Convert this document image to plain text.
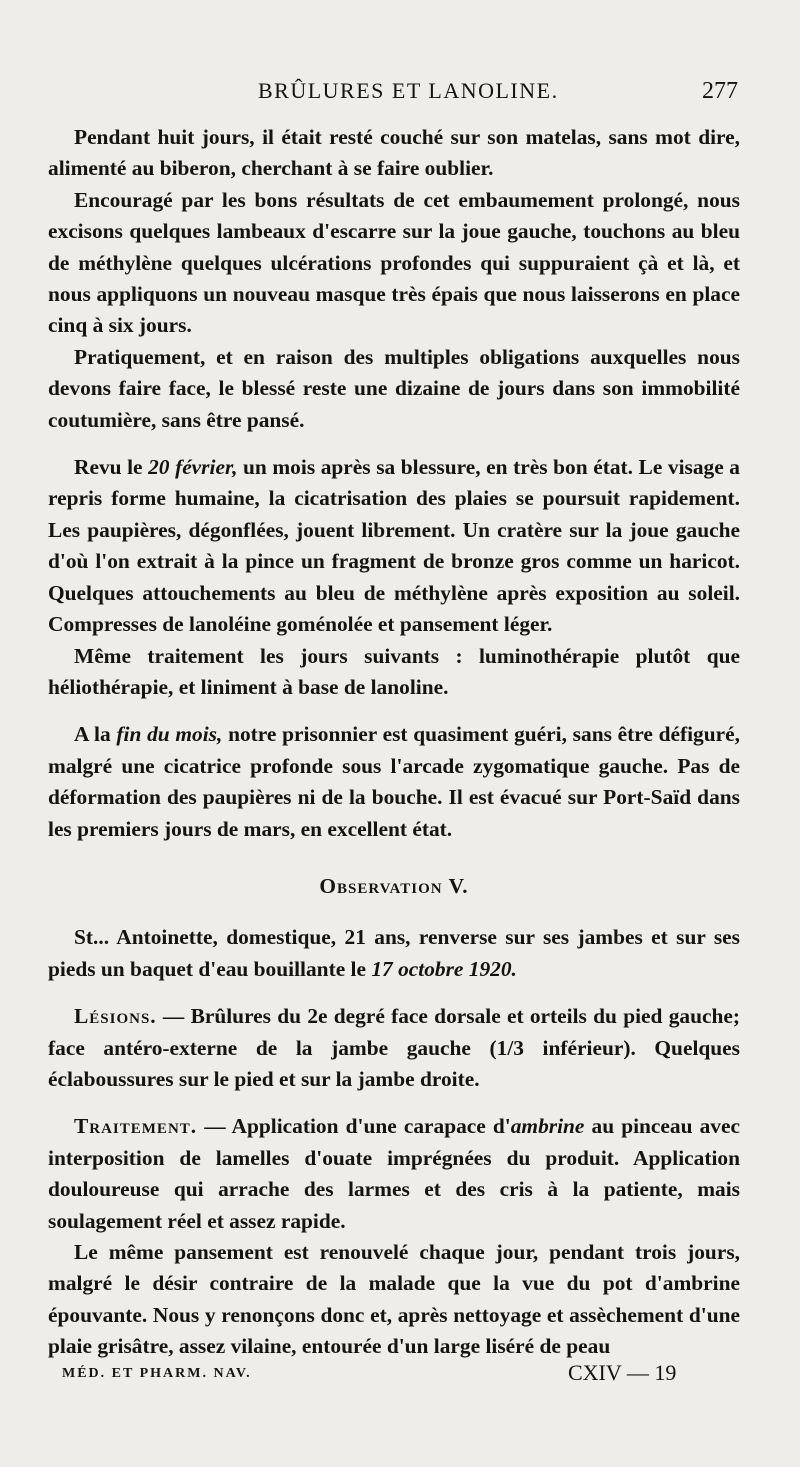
BRÛLURES ET LANOLINE.	277

Pendant huit jours, il était resté couché sur son matelas, sans mot dire, alimenté au biberon, cherchant à se faire oublier.

Encouragé par les bons résultats de cet embaumement prolongé, nous excisons quelques lambeaux d'escarre sur la joue gauche, touchons au bleu de méthylène quelques ulcérations profondes qui suppuraient çà et là, et nous appliquons un nouveau masque très épais que nous laisserons en place cinq à six jours.

Pratiquement, et en raison des multiples obligations auxquelles nous devons faire face, le blessé reste une dizaine de jours dans son immobilité coutumière, sans être pansé.

Revu le 20 février, un mois après sa blessure, en très bon état. Le visage a repris forme humaine, la cicatrisation des plaies se poursuit rapidement. Les paupières, dégonflées, jouent librement. Un cratère sur la joue gauche d'où l'on extrait à la pince un fragment de bronze gros comme un haricot. Quelques attouchements au bleu de méthylène après exposition au soleil. Compresses de lanoléine goménolée et pansement léger.

Même traitement les jours suivants : luminothérapie plutôt que héliothérapie, et liniment à base de lanoline.

A la fin du mois, notre prisonnier est quasiment guéri, sans être défiguré, malgré une cicatrice profonde sous l'arcade zygomatique gauche. Pas de déformation des paupières ni de la bouche. Il est évacué sur Port-Saïd dans les premiers jours de mars, en excellent état.

Observation V.

St... Antoinette, domestique, 21 ans, renverse sur ses jambes et sur ses pieds un baquet d'eau bouillante le 17 octobre 1920.

Lésions. — Brûlures du 2e degré face dorsale et orteils du pied gauche; face antéro-externe de la jambe gauche (1/3 inférieur). Quelques éclaboussures sur le pied et sur la jambe droite.

Traitement. — Application d'une carapace d'ambrine au pinceau avec interposition de lamelles d'ouate imprégnées du produit. Application douloureuse qui arrache des larmes et des cris à la patiente, mais soulagement réel et assez rapide.

Le même pansement est renouvelé chaque jour, pendant trois jours, malgré le désir contraire de la malade que la vue du pot d'ambrine épouvante. Nous y renonçons donc et, après nettoyage et assèchement d'une plaie grisâtre, assez vilaine, entourée d'un large liséré de peau

MÉD. ET PHARM. NAV.	CXIV — 19
